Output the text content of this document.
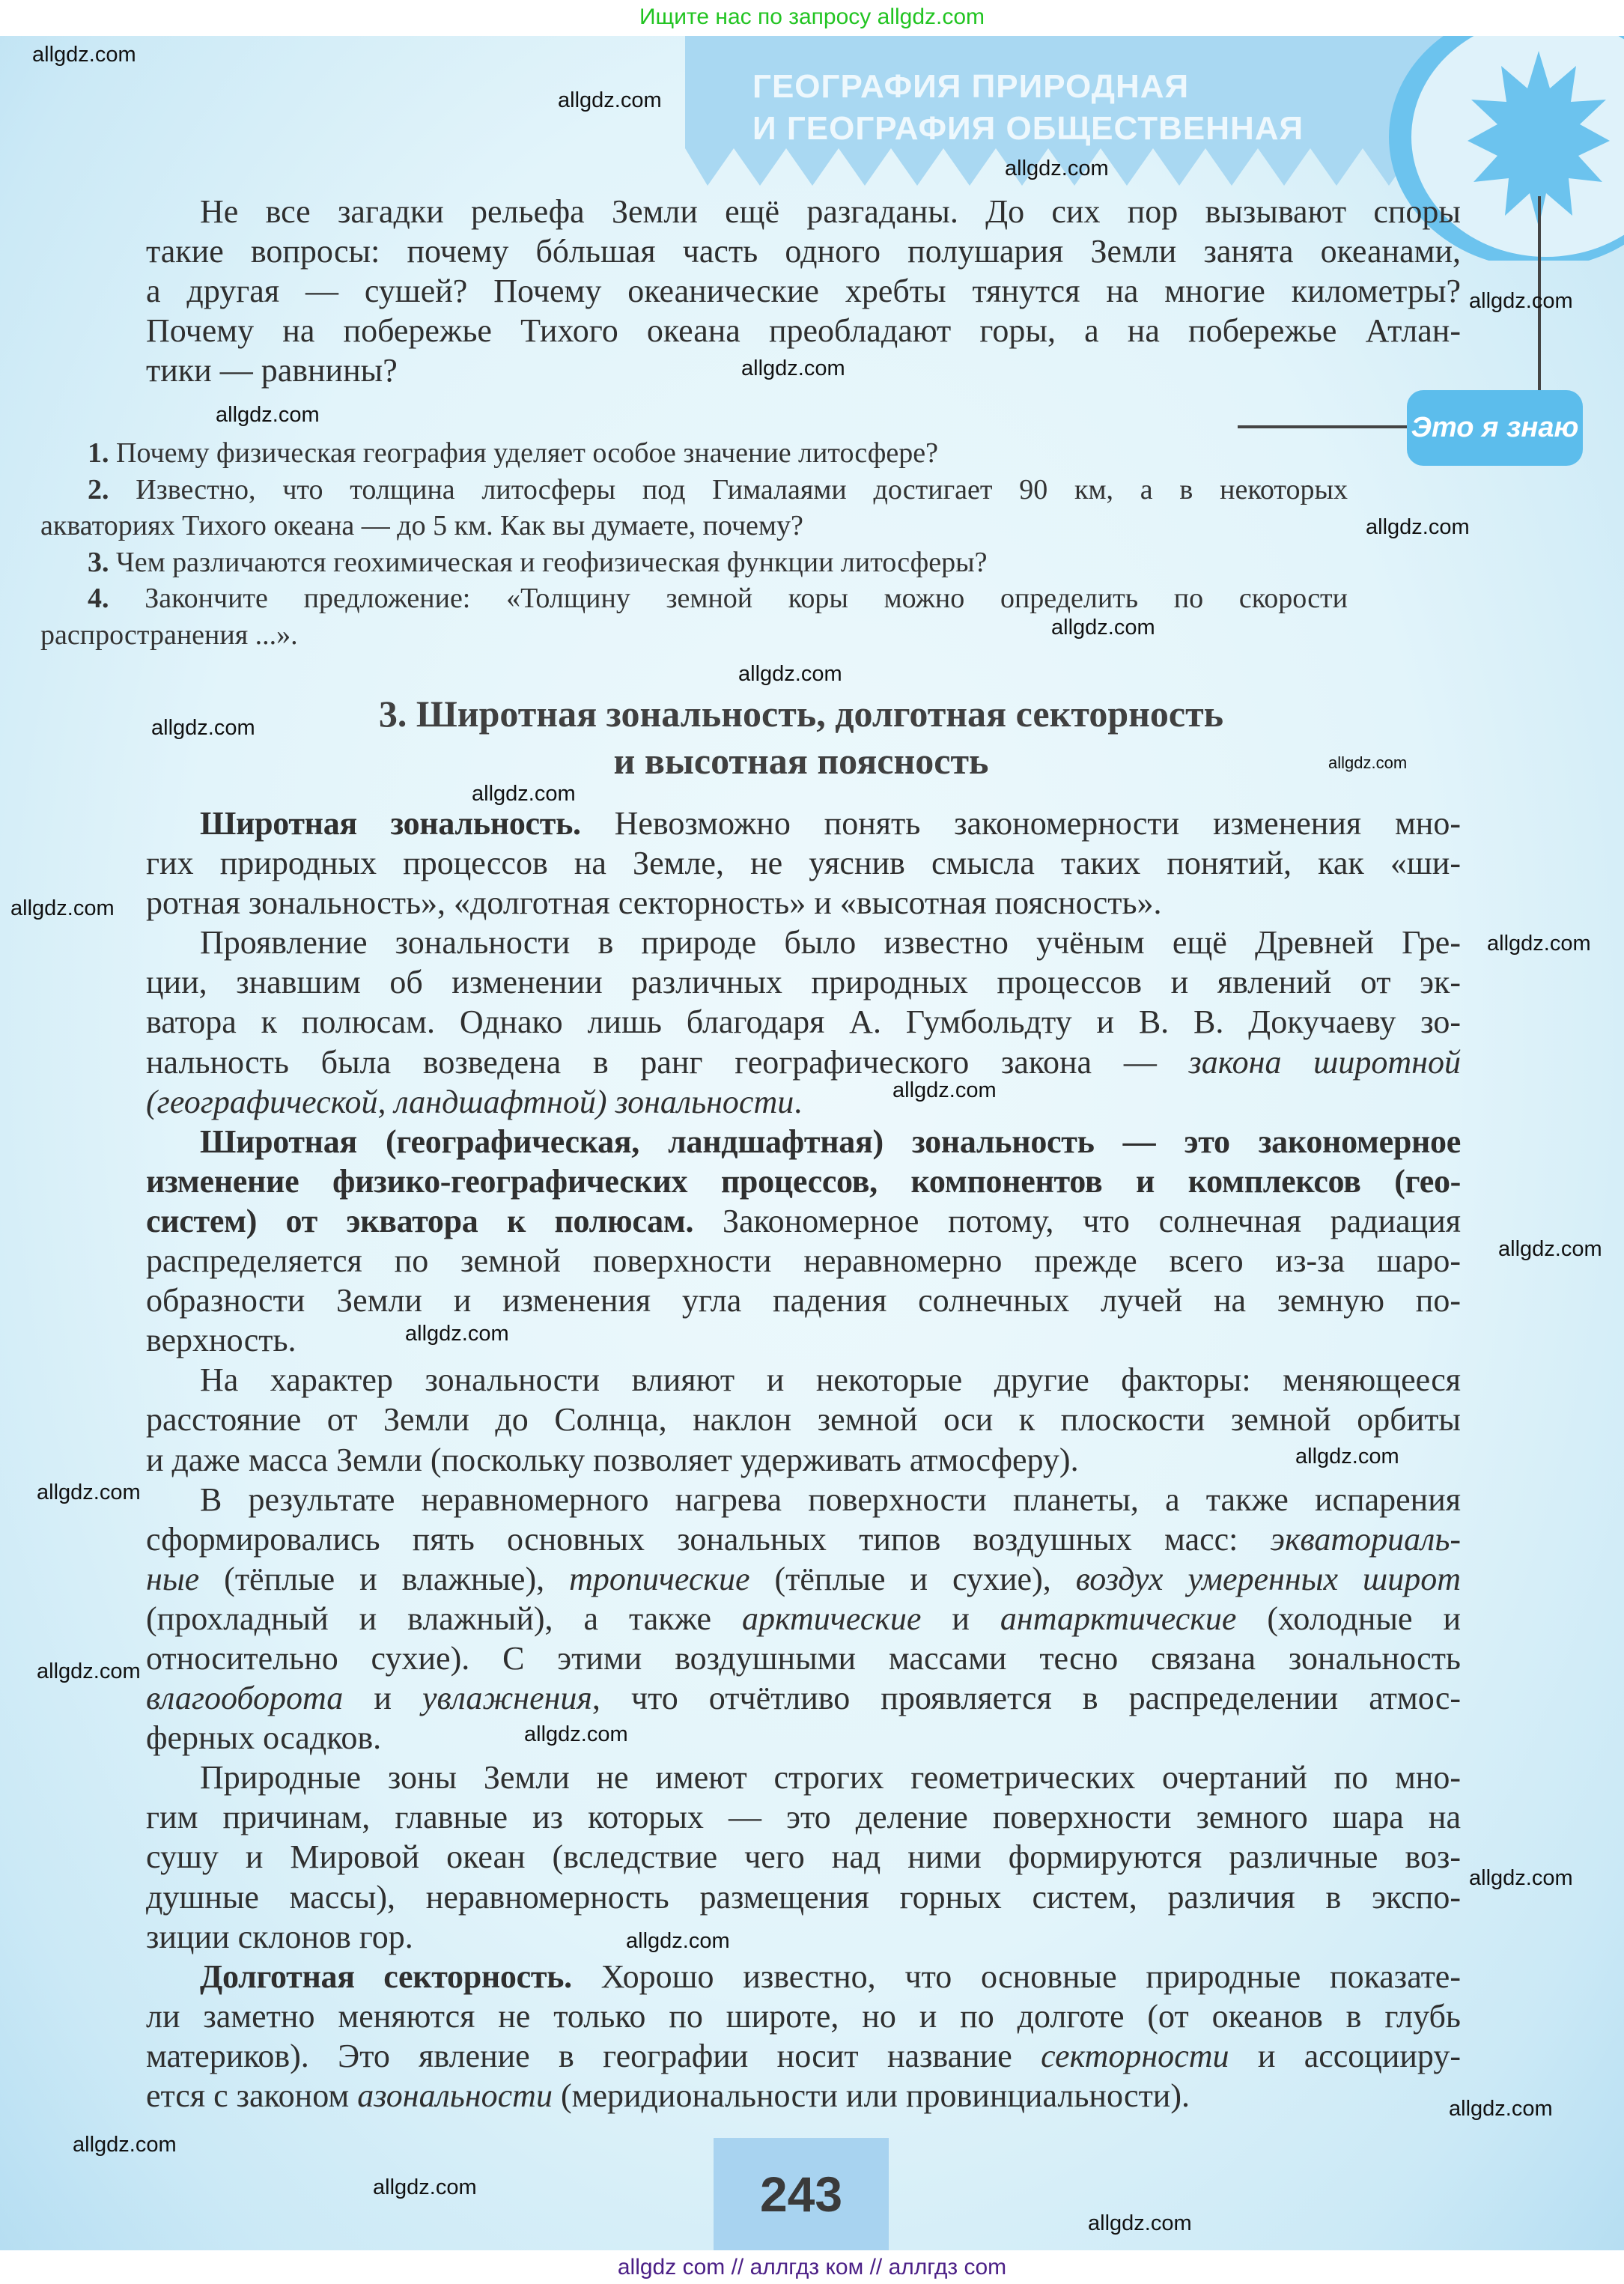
Ищите нас по запросу allgdz.com
ГЕОГРАФИЯ ПРИРОДНАЯ
И ГЕОГРАФИЯ ОБЩЕСТВЕННАЯ
Это я знаю
Не все загадки рельефа Земли ещё разгаданы. До сих пор вызывают споры
такие вопросы: почему бóльшая часть одного полушария Земли занята океанами,
а другая — сушей? Почему океанические хребты тянутся на многие километры?
Почему на побережье Тихого океана преобладают горы, а на побережье Атлан-
тики — равнины?
1. Почему физическая география уделяет особое значение литосфере?
2. Известно, что толщина литосферы под Гималаями достигает 90 км, а в некоторых
акваториях Тихого океана — до 5 км. Как вы думаете, почему?
3. Чем различаются геохимическая и геофизическая функции литосферы?
4. Закончите предложение: «Толщину земной коры можно определить по скорости
распространения ...».
3. Широтная зональность, долготная секторность
и высотная поясность
Широтная зональность. Невозможно понять закономерности изменения мно-
гих природных процессов на Земле, не уяснив смысла таких понятий, как «ши-
ротная зональность», «долготная секторность» и «высотная поясность».
Проявление зональности в природе было известно учёным ещё Древней Гре-
ции, знавшим об изменении различных природных процессов и явлений от эк-
ватора к полюсам. Однако лишь благодаря А. Гумбольдту и В. В. Докучаеву зо-
нальность была возведена в ранг географического закона — закона широтной
(географической, ландшафтной) зональности.
Широтная (географическая, ландшафтная) зональность — это закономерное
изменение физико-географических процессов, компонентов и комплексов (гео-
систем) от экватора к полюсам. Закономерное потому, что солнечная радиация
распределяется по земной поверхности неравномерно прежде всего из-за шаро-
образности Земли и изменения угла падения солнечных лучей на земную по-
верхность.
На характер зональности влияют и некоторые другие факторы: меняющееся
расстояние от Земли до Солнца, наклон земной оси к плоскости земной орбиты
и даже масса Земли (поскольку позволяет удерживать атмосферу).
В результате неравномерного нагрева поверхности планеты, а также испарения
сформировались пять основных зональных типов воздушных масс: экваториаль-
ные (тёплые и влажные), тропические (тёплые и сухие), воздух умеренных широт
(прохладный и влажный), а также арктические и антарктические (холодные и
относительно сухие). С этими воздушными массами тесно связана зональность
влагооборота и увлажнения, что отчётливо проявляется в распределении атмос-
ферных осадков.
Природные зоны Земли не имеют строгих геометрических очертаний по мно-
гим причинам, главные из которых — это деление поверхности земного шара на
сушу и Мировой океан (вследствие чего над ними формируются различные воз-
душные массы), неравномерность размещения горных систем, различия в экспо-
зиции склонов гор.
Долготная секторность. Хорошо известно, что основные природные показате-
ли заметно меняются не только по широте, но и по долготе (от океанов в глубь
материков). Это явление в географии носит название секторности и ассоцииру-
ется с законом азональности (меридиональности или провинциальности).
243
allgdz com // аллгдз ком // аллгдз com
allgdz.com
allgdz.com
allgdz.com
allgdz.com
allgdz.com
allgdz.com
allgdz.com
allgdz.com
allgdz.com
allgdz.com
allgdz.com
allgdz.com
allgdz.com
allgdz.com
allgdz.com
allgdz.com
allgdz.com
allgdz.com
allgdz.com
allgdz.com
allgdz.com
allgdz.com
allgdz.com
allgdz.com
allgdz.com
allgdz.com
allgdz.com
